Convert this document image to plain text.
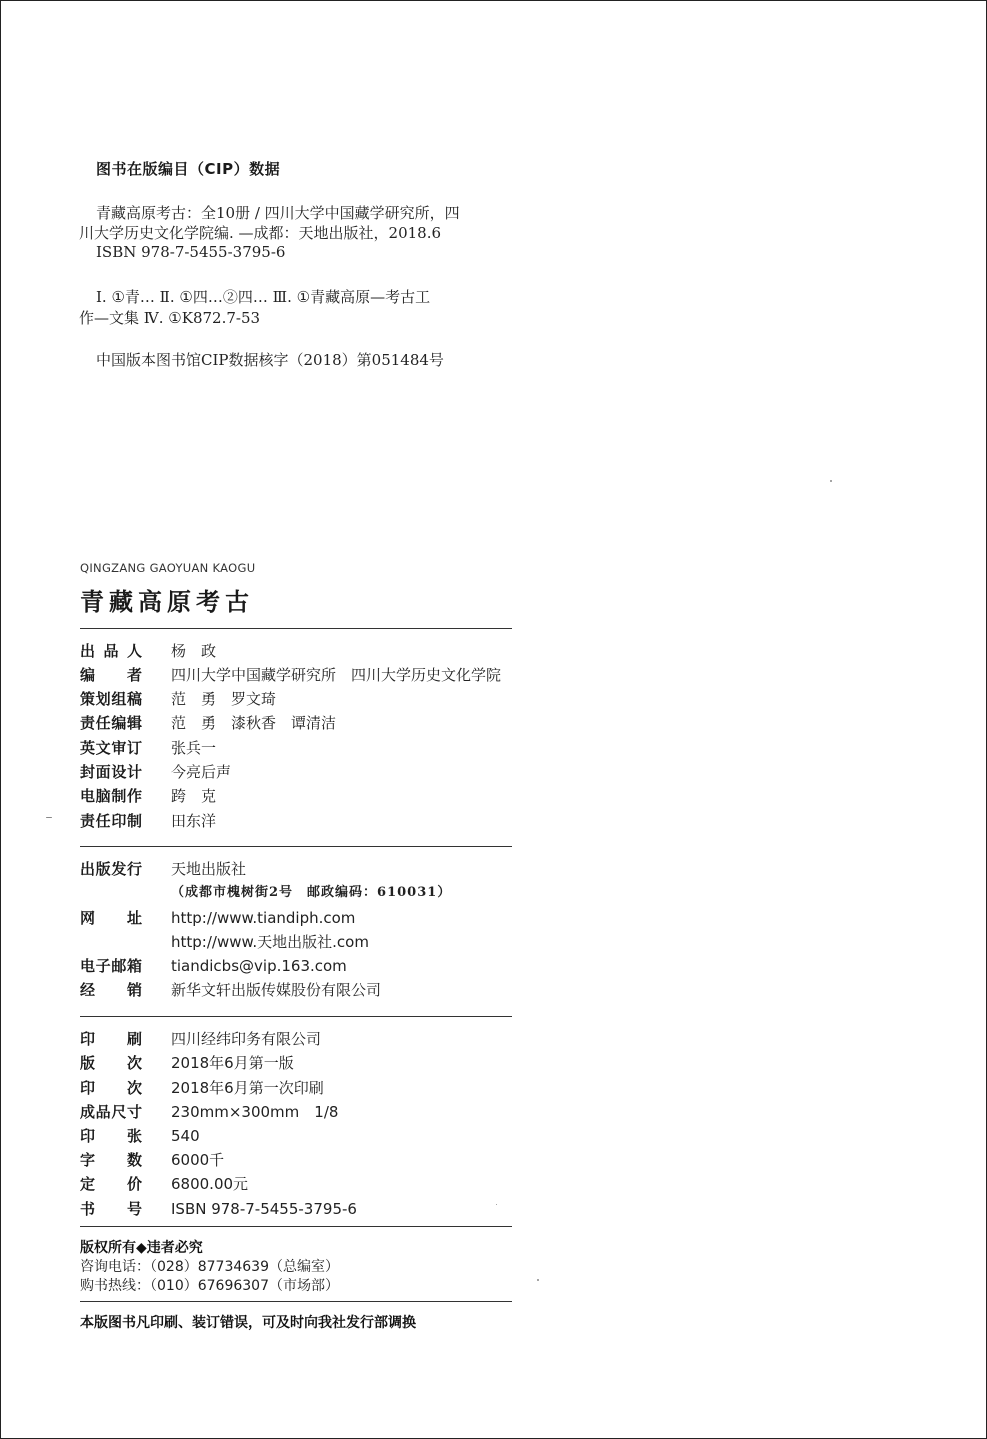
图书在版编目（CIP）数据
青藏高原考古：全10册 / 四川大学中国藏学研究所，四
川大学历史文化学院编. —成都：天地出版社，2018.6
ISBN 978-7-5455-3795-6
Ⅰ. ①青… Ⅱ. ①四…②四… Ⅲ. ①青藏高原—考古工
作—文集 Ⅳ. ①K872.7-53
中国版本图书馆CIP数据核字（2018）第051484号
QINGZANG GAOYUAN KAOGU
青藏高原考古
出品人 杨　政
编者 四川大学中国藏学研究所　四川大学历史文化学院
策划组稿 范　勇　罗文琦
责任编辑 范　勇　漆秋香　谭清洁
英文审订 张兵一
封面设计 今亮后声
电脑制作 跨　克
责任印制 田东洋
出版发行 天地出版社
（成都市槐树街2号　邮政编码：610031）
网址 http://www.tiandiph.com
http://www.天地出版社.com
电子邮箱 tiandicbs@vip.163.com
经销 新华文轩出版传媒股份有限公司
印刷 四川经纬印务有限公司
版次 2018年6月第一版
印次 2018年6月第一次印刷
成品尺寸 230mm×300mm　1/8
印张 540
字数 6000千
定价 6800.00元
书号 ISBN 978-7-5455-3795-6
版权所有◆违者必究
咨询电话：（028）87734639（总编室）
购书热线：（010）67696307（市场部）
本版图书凡印刷、装订错误，可及时向我社发行部调换
